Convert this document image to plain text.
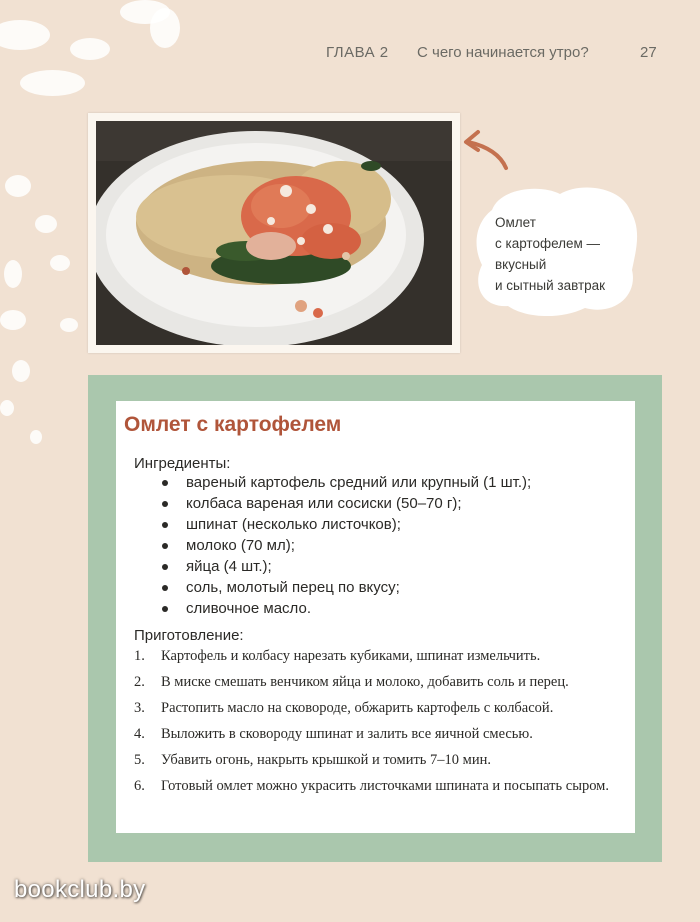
ГЛАВА 2 С чего начинается утро?	27
Омлет
с картофелем —
вкусный
и сытный завтрак
Омлет с картофелем
Ингредиенты:
вареный картофель средний или крупный (1 шт.);
колбаса вареная или сосиски (50–70 г);
шпинат (несколько листочков);
молоко (70 мл);
яйца (4 шт.);
соль, молотый перец по вкусу;
сливочное масло.
Приготовление:
1. Картофель и колбасу нарезать кубиками, шпинат измельчить.
2. В миске смешать венчиком яйца и молоко, добавить соль и перец.
3. Растопить масло на сковороде, обжарить картофель с колбасой.
4. Выложить в сковороду шпинат и залить все яичной смесью.
5. Убавить огонь, накрыть крышкой и томить 7–10 мин.
6. Готовый омлет можно украсить листочками шпината и посыпать сыром.
bookclub.by
